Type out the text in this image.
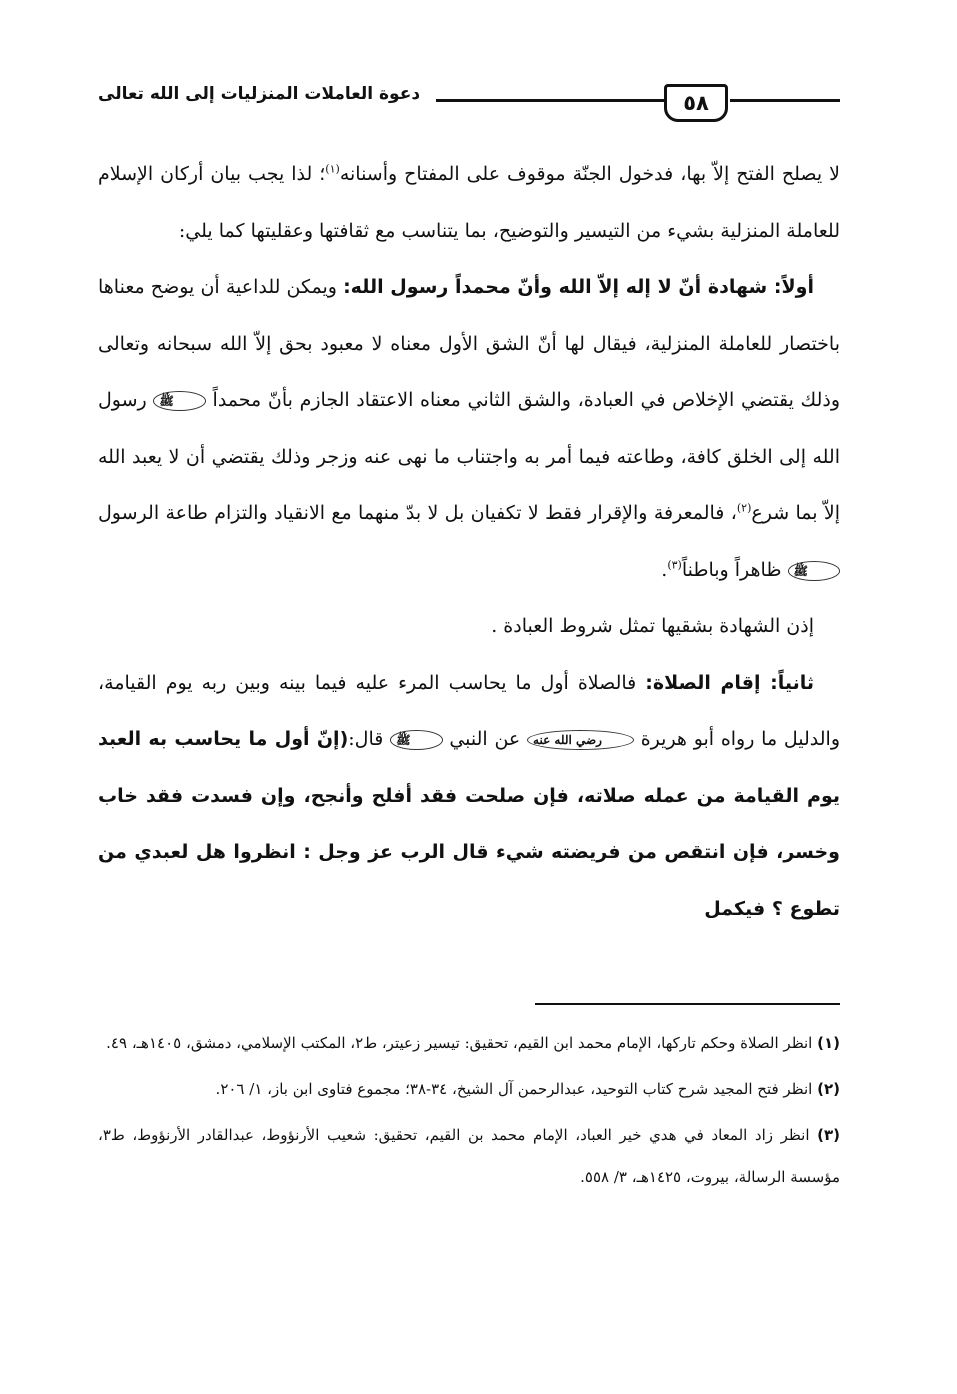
٥٨
دعوة العاملات المنزليات إلى الله تعالى

لا يصلح الفتح إلاّ بها، فدخول الجنّة موقوف على المفتاح وأسنانه$^{(١)}$؛ لذا يجب بيان أركان الإسلام للعاملة المنزلية بشيء من التيسير والتوضيح، بما يتناسب مع ثقافتها وعقليتها كما يلي:

أولاً: شهادة أنّ لا إله إلاّ الله وأنّ محمداً رسول الله: ويمكن للداعية أن يوضح معناها باختصار للعاملة المنزلية، فيقال لها أنّ الشق الأول معناه لا معبود بحق إلاّ الله سبحانه وتعالى وذلك يقتضي الإخلاص في العبادة، والشق الثاني معناه الاعتقاد الجازم بأنّ محمداً ﷺ رسول الله إلى الخلق كافة، وطاعته فيما أمر به واجتناب ما نهى عنه وزجر وذلك يقتضي أن لا يعبد الله إلاّ بما شرع$^{(٢)}$، فالمعرفة والإقرار فقط لا تكفيان بل لا بدّ منهما مع الانقياد والتزام طاعة الرسول ﷺ ظاهراً وباطناً$^{(٣)}$.

إذن الشهادة بشقيها تمثل شروط العبادة .

ثانياً: إقام الصلاة: فالصلاة أول ما يحاسب المرء عليه فيما بينه وبين ربه يوم القيامة، والدليل ما رواه أبو هريرة رضي الله عنه عن النبي ﷺ قال:(إنّ أول ما يحاسب به العبد يوم القيامة من عمله صلاته، فإن صلحت فقد أفلح وأنجح، وإن فسدت فقد خاب وخسر، فإن انتقص من فريضته شيء قال الرب عز وجل : انظروا هل لعبدي من تطوع ؟ فيكمل

(١) انظر الصلاة وحكم تاركها، الإمام محمد ابن القيم، تحقيق: تيسير زعيتر، ط٢، المكتب الإسلامي، دمشق، ١٤٠٥هـ، ٤٩.

(٢) انظر فتح المجيد شرح كتاب التوحيد، عبدالرحمن آل الشيخ، ٣٤-٣٨؛ مجموع فتاوى ابن باز، ١/ ٢٠٦.

(٣) انظر زاد المعاد في هدي خير العباد، الإمام محمد بن القيم، تحقيق: شعيب الأرنؤوط، عبدالقادر الأرنؤوط، ط٣، مؤسسة الرسالة، بيروت، ١٤٢٥هـ، ٣/ ٥٥٨.
